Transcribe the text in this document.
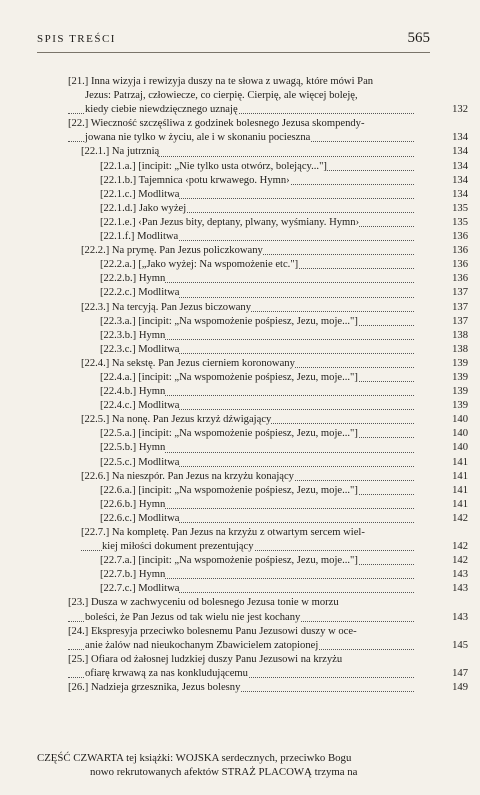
SPIS TREŚCI	565
[21.] Inna wizyja i rewizyja duszy na te słowa z uwagą, które mówi Pan
Jezus: Patrzaj, człowiecze, co cierpię. Cierpię, ale więcej boleję,
kiedy ciebie niewdzięcznego uznaję	132
[22.] Wieczność szczęśliwa z godzinek bolesnego Jezusa skompendy-
jowana nie tylko w życiu, ale i w skonaniu pocieszna	134
[22.1.] Na jutrznią	134
[22.1.a.] [incipit: „Nie tylko usta otwórz, bolejący..."]	134
[22.1.b.] Tajemnica ‹potu krwawego. Hymn›	134
[22.1.c.] Modlitwa	134
[22.1.d.] Jako wyżej	135
[22.1.e.] ‹Pan Jezus bity, deptany, plwany, wyśmiany. Hymn›	135
[22.1.f.] Modlitwa	136
[22.2.] Na prymę. Pan Jezus policzkowany	136
[22.2.a.] [„Jako wyżej: Na wspomożenie etc."]	136
[22.2.b.] Hymn	136
[22.2.c.] Modlitwa	137
[22.3.] Na tercyją. Pan Jezus biczowany	137
[22.3.a.] [incipit: „Na wspomożenie pośpiesz, Jezu, moje..."]	137
[22.3.b.] Hymn	138
[22.3.c.] Modlitwa	138
[22.4.] Na sekstę. Pan Jezus cierniem koronowany	139
[22.4.a.] [incipit: „Na wspomożenie pośpiesz, Jezu, moje..."]	139
[22.4.b.] Hymn	139
[22.4.c.] Modlitwa	139
[22.5.] Na nonę. Pan Jezus krzyż dźwigający	140
[22.5.a.] [incipit: „Na wspomożenie pośpiesz, Jezu, moje..."]	140
[22.5.b.] Hymn	140
[22.5.c.] Modlitwa	141
[22.6.] Na nieszpór. Pan Jezus na krzyżu konający	141
[22.6.a.] [incipit: „Na wspomożenie pośpiesz, Jezu, moje..."]	141
[22.6.b.] Hymn	141
[22.6.c.] Modlitwa	142
[22.7.] Na kompletę. Pan Jezus na krzyżu z otwartym sercem wiel-
kiej miłości dokument prezentujący	142
[22.7.a.] [incipit: „Na wspomożenie pośpiesz, Jezu, moje..."]	142
[22.7.b.] Hymn	143
[22.7.c.] Modlitwa	143
[23.] Dusza w zachwyceniu od bolesnego Jezusa tonie w morzu
boleści, że Pan Jezus od tak wielu nie jest kochany	143
[24.] Ekspresyja przeciwko bolesnemu Panu Jezusowi duszy w oce-
anie żalów nad nieukochanym Zbawicielem zatopionej	145
[25.] Ofiara od żałosnej ludzkiej duszy Panu Jezusowi na krzyżu
ofiarę krwawą za nas konkludującemu	147
[26.] Nadzieja grzesznika, Jezus bolesny	149
CZĘŚĆ CZWARTA tej książki: WOJSKA serdecznych, przeciwko Bogu
nowo rekrutowanych afektów STRAŻ PLACOWĄ trzyma na
